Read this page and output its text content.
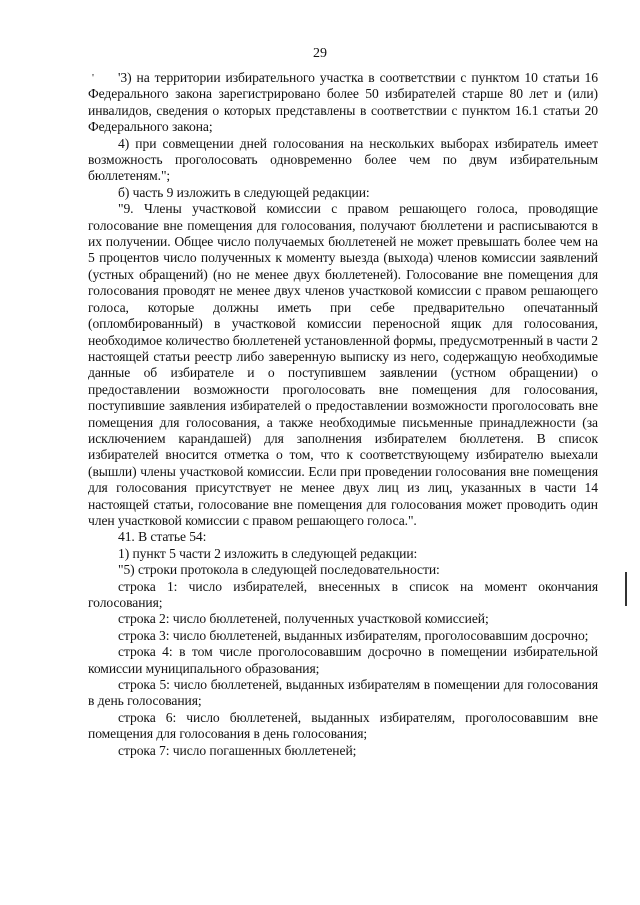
29
'	'3) на территории избирательного участка в соответствии с пунктом 10 статьи 16 Федерального закона зарегистрировано более 50 избирателей старше 80 лет и (или) инвалидов, сведения о которых представлены в соответствии с пунктом 16.1 статьи 20 Федерального закона;

4) при совмещении дней голосования на нескольких выборах избиратель имеет возможность проголосовать одновременно более чем по двум избирательным бюллетеням.";

б) часть 9 изложить в следующей редакции:

"9. Члены участковой комиссии с правом решающего голоса, проводящие голосование вне помещения для голосования, получают бюллетени и расписываются в их получении. Общее число получаемых бюллетеней не может превышать более чем на 5 процентов число полученных к моменту выезда (выхода) членов комиссии заявлений (устных обращений) (но не менее двух бюллетеней). Голосование вне помещения для голосования проводят не менее двух членов участковой комиссии с правом решающего голоса, которые должны иметь при себе предварительно опечатанный (опломбированный) в участковой комиссии переносной ящик для голосования, необходимое количество бюллетеней установленной формы, предусмотренный в части 2 настоящей статьи реестр либо заверенную выписку из него, содержащую необходимые данные об избирателе и о поступившем заявлении (устном обращении) о предоставлении возможности проголосовать вне помещения для голосования, поступившие заявления избирателей о предоставлении возможности проголосовать вне помещения для голосования, а также необходимые письменные принадлежности (за исключением карандашей) для заполнения избирателем бюллетеня. В список избирателей вносится отметка о том, что к соответствующему избирателю выехали (вышли) члены участковой комиссии. Если при проведении голосования вне помещения для голосования присутствует не менее двух лиц из лиц, указанных в части 14 настоящей статьи, голосование вне помещения для голосования может проводить один член участковой комиссии с правом решающего голоса.".

41. В статье 54:

1) пункт 5 части 2 изложить в следующей редакции:

"5) строки протокола в следующей последовательности:

строка 1: число избирателей, внесенных в список на момент окончания голосования;

строка 2: число бюллетеней, полученных участковой комиссией;

строка 3: число бюллетеней, выданных избирателям, проголосовавшим досрочно;

строка 4: в том числе проголосовавшим досрочно в помещении избирательной комиссии муниципального образования;

строка 5: число бюллетеней, выданных избирателям в помещении для голосования в день голосования;

строка 6: число бюллетеней, выданных избирателям, проголосовавшим вне помещения для голосования в день голосования;

строка 7: число погашенных бюллетеней;
